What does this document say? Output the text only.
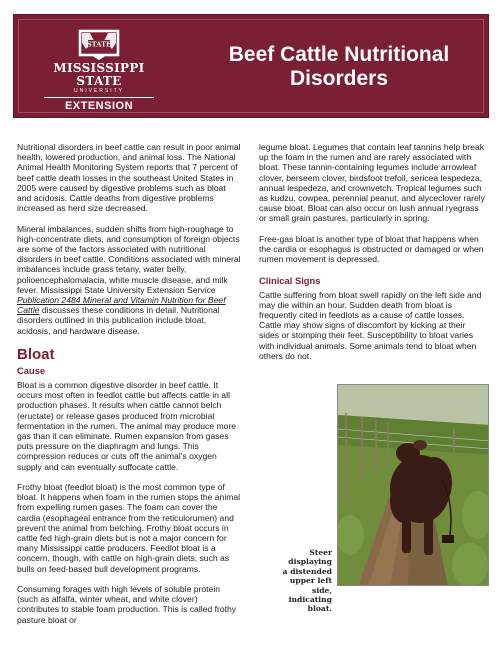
STATE
MISSISSIPPI STATE
UNIVERSITY
EXTENSION
Beef Cattle Nutritional
Disorders

Nutritional disorders in beef cattle can result in poor animal health, lowered production, and animal loss. The National Animal Health Monitoring System reports that 7 percent of beef cattle death losses in the southeast United States in 2005 were caused by digestive problems such as bloat and acidosis. Cattle deaths from digestive problems increased as herd size decreased.

Mineral imbalances, sudden shifts from high-roughage to high-concentrate diets, and consumption of foreign objects are some of the factors associated with nutritional disorders in beef cattle. Conditions associated with mineral imbalances include grass tetany, water belly, polioencephalomalacia, white muscle disease, and milk fever. Mississippi State University Extension Service Publication 2484 Mineral and Vitamin Nutrition for Beef Cattle discusses these conditions in detail. Nutritional disorders outlined in this publication include bloat, acidosis, and hardware disease.

Bloat
Cause

Bloat is a common digestive disorder in beef cattle. It occurs most often in feedlot cattle but affects cattle in all production phases. It results when cattle cannot belch (eructate) or release gases produced from microbial fermentation in the rumen. The animal may produce more gas than it can eliminate. Rumen expansion from gases puts pressure on the diaphragm and lungs. This compression reduces or cuts off the animal’s oxygen supply and can eventually suffocate cattle.

Frothy bloat (feedlot bloat) is the most common type of bloat. It happens when foam in the rumen stops the animal from expelling rumen gases. The foam can cover the cardia (esophageal entrance from the reticulorumen) and prevent the animal from belching. Frothy bloat occurs in cattle fed high-grain diets but is not a major concern for many Mississippi cattle producers. Feedlot bloat is a concern, though, with cattle on high-grain diets, such as bulls on feed-based bull development programs.

Consuming forages with high levels of soluble protein (such as alfalfa, winter wheat, and white clover) contributes to stable foam production. This is called frothy pasture bloat or

legume bloat. Legumes that contain leaf tannins help break up the foam in the rumen and are rarely associated with bloat. These tannin-containing legumes include arrowleaf clover, berseem clover, birdsfoot trefoil, sericea lespedeza, annual lespedeza, and crownvetch. Tropical legumes such as kudzu, cowpea, perennial peanut, and alyceclover rarely cause bloat. Bloat can also occur on lush annual ryegrass or small grain pastures, particularly in spring.

Free-gas bloat is another type of bloat that happens when the cardia or esophagus is obstructed or damaged or when rumen movement is depressed.

Clinical Signs

Cattle suffering from bloat swell rapidly on the left side and may die within an hour. Sudden death from bloat is frequently cited in feedlots as a cause of cattle losses. Cattle may show signs of discomfort by kicking at their sides or stomping their feet. Susceptibility to bloat varies with individual animals. Some animals tend to bloat when others do not.

Steer displaying
a distended
upper left side,
indicating bloat.
